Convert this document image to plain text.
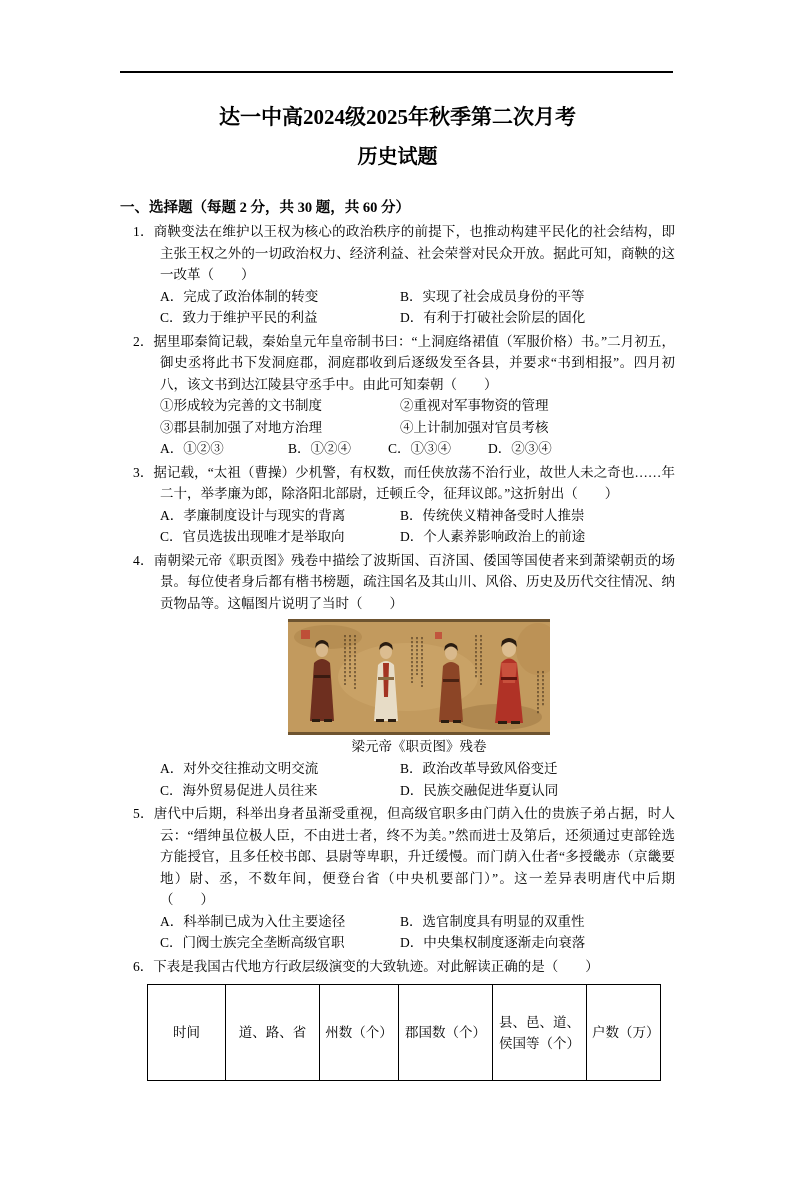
达一中高2024级2025年秋季第二次月考
历史试题
一、选择题（每题 2 分，共 30 题，共 60 分）
1．商鞅变法在维护以王权为核心的政治秩序的前提下，也推动构建平民化的社会结构，即主张王权之外的一切政治权力、经济利益、社会荣誉对民众开放。据此可知，商鞅的这一改革（　　）
A．完成了政治体制的转变	B．实现了社会成员身份的平等
C．致力于维护平民的利益	D．有利于打破社会阶层的固化
2．据里耶秦简记载，秦始皇元年皇帝制书曰：“上洞庭络裙值（军服价格）书。”二月初五，御史丞将此书下发洞庭郡，洞庭郡收到后逐级发至各县，并要求“书到相报”。四月初八，该文书到达江陵县守丞手中。由此可知秦朝（　　）
①形成较为完善的文书制度	②重视对军事物资的管理
③郡县制加强了对地方治理	④上计制加强对官员考核
A．①②③	B．①②④	C．①③④	D．②③④
3．据记载，“太祖（曹操）少机警，有权数，而任侠放荡不治行业，故世人未之奇也……年二十，举孝廉为郎，除洛阳北部尉，迁顿丘令，征拜议郎。”这折射出（　　）
A．孝廉制度设计与现实的背离	B．传统侠义精神备受时人推崇
C．官员选拔出现唯才是举取向	D．个人素养影响政治上的前途
4．南朝梁元帝《职贡图》残卷中描绘了波斯国、百济国、倭国等国使者来到萧梁朝贡的场景。每位使者身后都有楷书榜题，疏注国名及其山川、风俗、历史及历代交往情况、纳贡物品等。这幅图片说明了当时（　　）
梁元帝《职贡图》残卷
A．对外交往推动文明交流	B．政治改革导致风俗变迁
C．海外贸易促进人员往来	D．民族交融促进华夏认同
5．唐代中后期，科举出身者虽渐受重视，但高级官职多由门荫入仕的贵族子弟占据，时人云：“缙绅虽位极人臣，不由进士者，终不为美。”然而进士及第后，还须通过吏部铨选方能授官，且多任校书郎、县尉等卑职，升迁缓慢。而门荫入仕者“多授畿赤（京畿要地）尉、丞，不数年间，便登台省（中央机要部门）”。这一差异表明唐代中后期（　　）
A．科举制已成为入仕主要途径	B．选官制度具有明显的双重性
C．门阀士族完全垄断高级官职	D．中央集权制度逐渐走向衰落
6．下表是我国古代地方行政层级演变的大致轨迹。对此解读正确的是（　　）
时间	道、路、省	州数（个）	郡国数（个）	县、邑、道、侯国等（个）	户数（万）
